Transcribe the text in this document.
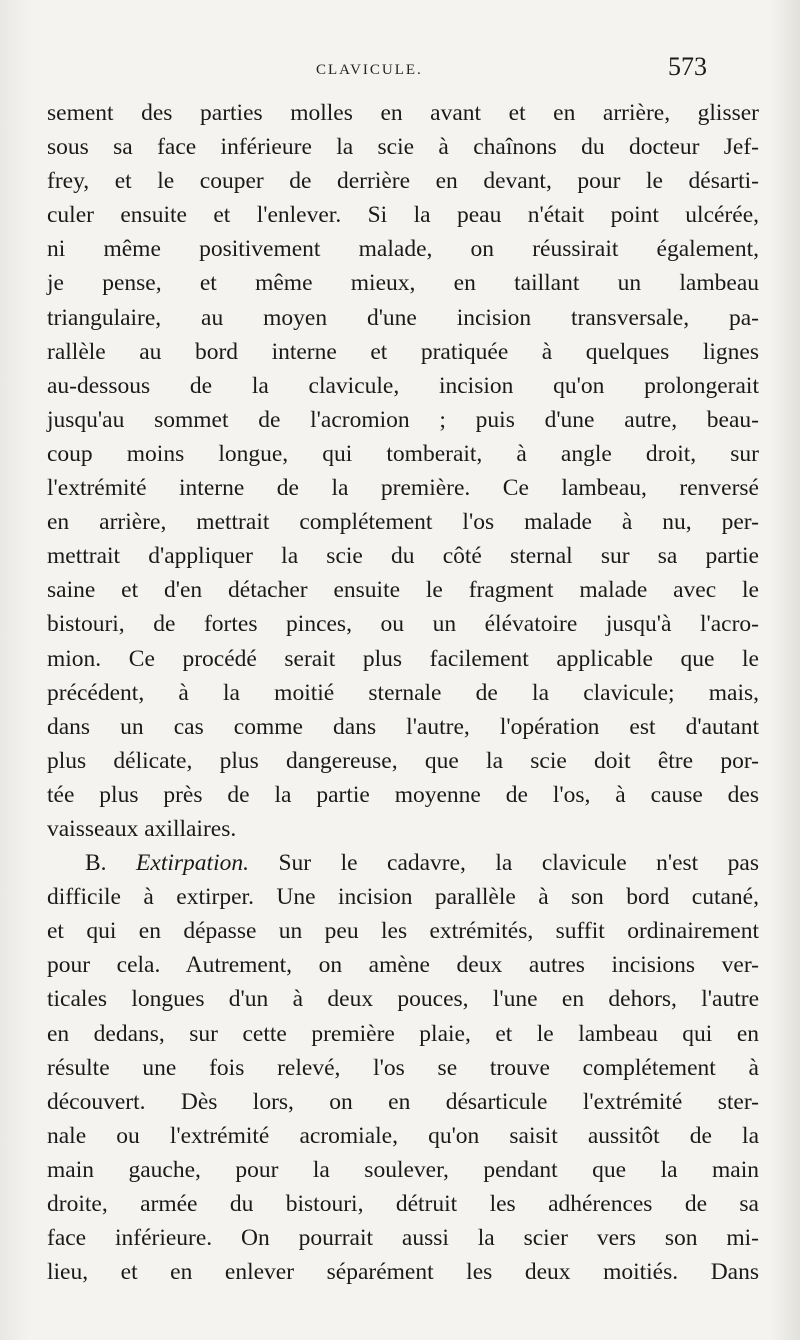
CLAVICULE.	573
sement des parties molles en avant et en arrière, glisser
sous sa face inférieure la scie à chaînons du docteur Jef-
frey, et le couper de derrière en devant, pour le désarti-
culer ensuite et l'enlever. Si la peau n'était point ulcérée,
ni même positivement malade, on réussirait également,
je pense, et même mieux, en taillant un lambeau
triangulaire, au moyen d'une incision transversale, pa-
rallèle au bord interne et pratiquée à quelques lignes
au-dessous de la clavicule, incision qu'on prolongerait
jusqu'au sommet de l'acromion ; puis d'une autre, beau-
coup moins longue, qui tomberait, à angle droit, sur
l'extrémité interne de la première. Ce lambeau, renversé
en arrière, mettrait complétement l'os malade à nu, per-
mettrait d'appliquer la scie du côté sternal sur sa partie
saine et d'en détacher ensuite le fragment malade avec le
bistouri, de fortes pinces, ou un élévatoire jusqu'à l'acro-
mion. Ce procédé serait plus facilement applicable que le
précédent, à la moitié sternale de la clavicule; mais,
dans un cas comme dans l'autre, l'opération est d'autant
plus délicate, plus dangereuse, que la scie doit être por-
tée plus près de la partie moyenne de l'os, à cause des
vaisseaux axillaires.
B. Extirpation. Sur le cadavre, la clavicule n'est pas
difficile à extirper. Une incision parallèle à son bord cutané,
et qui en dépasse un peu les extrémités, suffit ordinairement
pour cela. Autrement, on amène deux autres incisions ver-
ticales longues d'un à deux pouces, l'une en dehors, l'autre
en dedans, sur cette première plaie, et le lambeau qui en
résulte une fois relevé, l'os se trouve complétement à
découvert. Dès lors, on en désarticule l'extrémité ster-
nale ou l'extrémité acromiale, qu'on saisit aussitôt de la
main gauche, pour la soulever, pendant que la main
droite, armée du bistouri, détruit les adhérences de sa
face inférieure. On pourrait aussi la scier vers son mi-
lieu, et en enlever séparément les deux moitiés. Dans
